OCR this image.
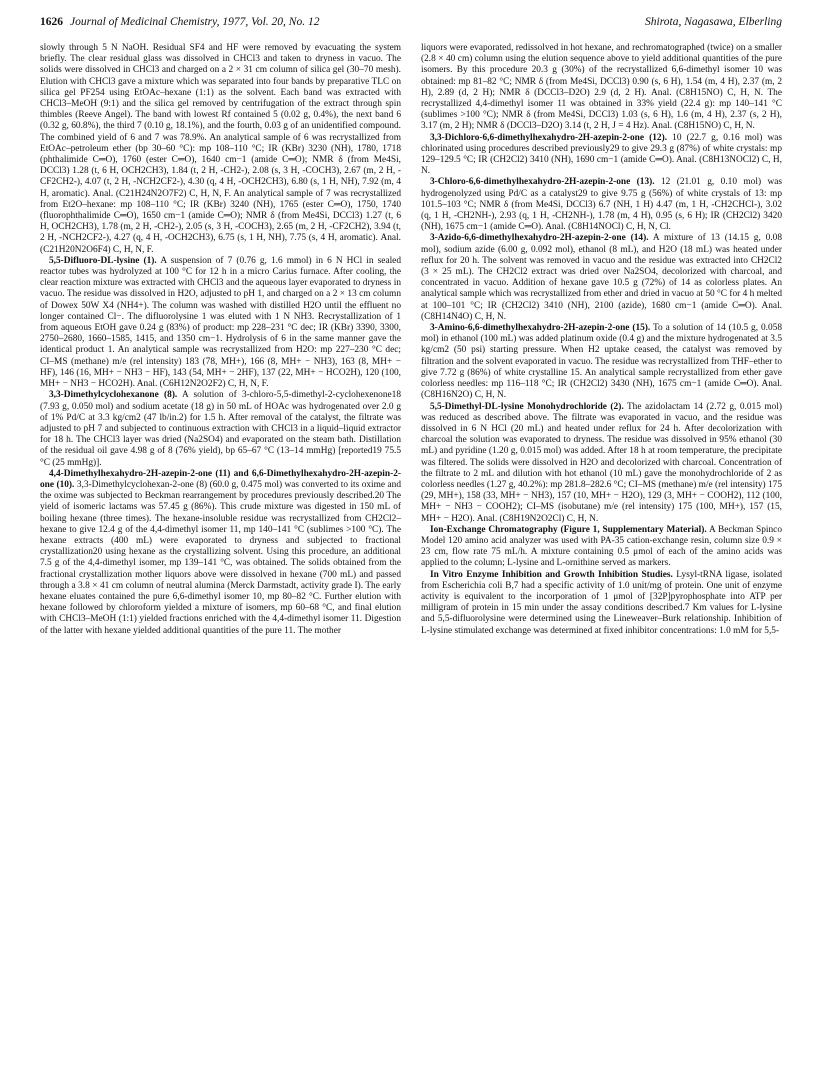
1626 Journal of Medicinal Chemistry, 1977, Vol. 20, No. 12	Shirota, Nagasawa, Elberling

slowly through 5 N NaOH. Residual SF4 and HF were removed by evacuating the system briefly. The clear residual glass was dissolved in CHCl3 and taken to dryness in vacuo. The solids were dissolved in CHCl3 and charged on a 2 × 31 cm column of silica gel (30–70 mesh). Elution with CHCl3 gave a mixture which was separated into four bands by preparative TLC on silica gel PF254 using EtOAc–hexane (1:1) as the solvent. Each band was extracted with CHCl3–MeOH (9:1) and the silica gel removed by centrifugation of the extract through spin thimbles (Reeve Angel). The band with lowest Rf contained 5 (0.02 g, 0.4%), the next band 6 (0.32 g, 60.8%), the third 7 (0.10 g, 18.1%), and the fourth, 0.03 g of an unidentified compound. The combined yield of 6 and 7 was 78.9%. An analytical sample of 6 was recrystallized from EtOAc–petroleum ether (bp 30–60 °C): mp 108–110 °C; IR (KBr) 3230 (NH), 1780, 1718 (phthalimide C═O), 1760 (ester C═O), 1640 cm−1 (amide C═O); NMR δ (from Me4Si, DCCl3) 1.28 (t, 6 H, OCH2CH3), 1.84 (t, 2 H, -CH2-), 2.08 (s, 3 H, -COCH3), 2.67 (m, 2 H, -CF2CH2-), 4.07 (t, 2 H, -NCH2CF2-), 4.30 (q, 4 H, -OCH2CH3), 6.80 (s, 1 H, NH), 7.92 (m, 4 H, aromatic). Anal. (C21H24N2O7F2) C, H, N, F. An analytical sample of 7 was recrystallized from Et2O–hexane: mp 108–110 °C; IR (KBr) 3240 (NH), 1765 (ester C═O), 1750, 1740 (fluorophthalimide C═O), 1650 cm−1 (amide C═O); NMR δ (from Me4Si, DCCl3) 1.27 (t, 6 H, OCH2CH3), 1.78 (m, 2 H, -CH2-), 2.05 (s, 3 H, -COCH3), 2.65 (m, 2 H, -CF2CH2), 3.94 (t, 2 H, -NCH2CF2-), 4.27 (q, 4 H, -OCH2CH3), 6.75 (s, 1 H, NH), 7.75 (s, 4 H, aromatic). Anal. (C21H20N2O6F4) C, H, N, F.

5,5-Difluoro-DL-lysine (1). A suspension of 7 (0.76 g, 1.6 mmol) in 6 N HCl in sealed reactor tubes was hydrolyzed at 100 °C for 12 h in a micro Carius furnace. After cooling, the clear reaction mixture was extracted with CHCl3 and the aqueous layer evaporated to dryness in vacuo. The residue was dissolved in H2O, adjusted to pH 1, and charged on a 2 × 13 cm column of Dowex 50W X4 (NH4+). The column was washed with distilled H2O until the effluent no longer contained Cl−. The difluorolysine 1 was eluted with 1 N NH3. Recrystallization of 1 from aqueous EtOH gave 0.24 g (83%) of product: mp 228–231 °C dec; IR (KBr) 3390, 3300, 2750–2680, 1660–1585, 1415, and 1350 cm−1. Hydrolysis of 6 in the same manner gave the identical product 1. An analytical sample was recrystallized from H2O: mp 227–230 °C dec; CI–MS (methane) m/e (rel intensity) 183 (78, MH+), 166 (8, MH+ − NH3), 163 (8, MH+ − HF), 146 (16, MH+ − NH3 − HF), 143 (54, MH+ − 2HF), 137 (22, MH+ − HCO2H), 120 (100, MH+ − NH3 − HCO2H). Anal. (C6H12N2O2F2) C, H, N, F.

3,3-Dimethylcyclohexanone (8). A solution of 3-chloro-5,5-dimethyl-2-cyclohexenone18 (7.93 g, 0.050 mol) and sodium acetate (18 g) in 50 mL of HOAc was hydrogenated over 2.0 g of 1% Pd/C at 3.3 kg/cm2 (47 lb/in.2) for 1.5 h. After removal of the catalyst, the filtrate was adjusted to pH 7 and subjected to continuous extraction with CHCl3 in a liquid–liquid extractor for 18 h. The CHCl3 layer was dried (Na2SO4) and evaporated on the steam bath. Distillation of the residual oil gave 4.98 g of 8 (76% yield), bp 65–67 °C (13–14 mmHg) [reported19 75.5 °C (25 mmHg)].

4,4-Dimethylhexahydro-2H-azepin-2-one (11) and 6,6-Dimethylhexahydro-2H-azepin-2-one (10). 3,3-Dimethylcyclohexan-2-one (8) (60.0 g, 0.475 mol) was converted to its oxime and the oxime was subjected to Beckman rearrangement by procedures previously described.20 The yield of isomeric lactams was 57.45 g (86%). This crude mixture was digested in 150 mL of boiling hexane (three times). The hexane-insoluble residue was recrystallized from CH2Cl2–hexane to give 12.4 g of the 4,4-dimethyl isomer 11, mp 140–141 °C (sublimes >100 °C). The hexane extracts (400 mL) were evaporated to dryness and subjected to fractional crystallization20 using hexane as the crystallizing solvent. Using this procedure, an additional 7.5 g of the 4,4-dimethyl isomer, mp 139–141 °C, was obtained. The solids obtained from the fractional crystallization mother liquors above were dissolved in hexane (700 mL) and passed through a 3.8 × 41 cm column of neutral alumina (Merck Darmstadt, activity grade I). The early hexane eluates contained the pure 6,6-dimethyl isomer 10, mp 80–82 °C. Further elution with hexane followed by chloroform yielded a mixture of isomers, mp 60–68 °C, and final elution with CHCl3–MeOH (1:1) yielded fractions enriched with the 4,4-dimethyl isomer 11. Digestion of the latter with hexane yielded additional quantities of the pure 11. The mother

liquors were evaporated, redissolved in hot hexane, and rechromatographed (twice) on a smaller (2.8 × 40 cm) column using the elution sequence above to yield additional quantities of the pure isomers. By this procedure 20.3 g (30%) of the recrystallized 6,6-dimethyl isomer 10 was obtained: mp 81–82 °C; NMR δ (from Me4Si, DCCl3) 0.90 (s, 6 H), 1.54 (m, 4 H), 2.37 (m, 2 H), 2.89 (d, 2 H); NMR δ (DCCl3–D2O) 2.9 (d, 2 H). Anal. (C8H15NO) C, H, N. The recrystallized 4,4-dimethyl isomer 11 was obtained in 33% yield (22.4 g): mp 140–141 °C (sublimes >100 °C); NMR δ (from Me4Si, DCCl3) 1.03 (s, 6 H), 1.6 (m, 4 H), 2.37 (s, 2 H), 3.17 (m, 2 H); NMR δ (DCCl3–D2O) 3.14 (t, 2 H, J = 4 Hz). Anal. (C8H15NO) C, H, N.

3,3-Dichloro-6,6-dimethylhexahydro-2H-azepin-2-one (12). 10 (22.7 g, 0.16 mol) was chlorinated using procedures described previously29 to give 29.3 g (87%) of white crystals: mp 129–129.5 °C; IR (CH2Cl2) 3410 (NH), 1690 cm−1 (amide C═O). Anal. (C8H13NOCl2) C, H, N.

3-Chloro-6,6-dimethylhexahydro-2H-azepin-2-one (13). 12 (21.01 g, 0.10 mol) was hydrogenolyzed using Pd/C as a catalyst29 to give 9.75 g (56%) of white crystals of 13: mp 101.5–103 °C; NMR δ (from Me4Si, DCCl3) 6.7 (NH, 1 H) 4.47 (m, 1 H, -CH2CHCl-), 3.02 (q, 1 H, -CH2NH-), 2.93 (q, 1 H, -CH2NH-), 1.78 (m, 4 H), 0.95 (s, 6 H); IR (CH2Cl2) 3420 (NH), 1675 cm−1 (amide C═O). Anal. (C8H14NOCl) C, H, N, Cl.

3-Azido-6,6-dimethylhexahydro-2H-azepin-2-one (14). A mixture of 13 (14.15 g, 0.08 mol), sodium azide (6.00 g, 0.092 mol), ethanol (8 mL), and H2O (18 mL) was heated under reflux for 20 h. The solvent was removed in vacuo and the residue was extracted into CH2Cl2 (3 × 25 mL). The CH2Cl2 extract was dried over Na2SO4, decolorized with charcoal, and concentrated in vacuo. Addition of hexane gave 10.5 g (72%) of 14 as colorless plates. An analytical sample which was recrystallized from ether and dried in vacuo at 50 °C for 4 h melted at 100–101 °C; IR (CH2Cl2) 3410 (NH), 2100 (azide), 1680 cm−1 (amide C═O). Anal. (C8H14N4O) C, H, N.

3-Amino-6,6-dimethylhexahydro-2H-azepin-2-one (15). To a solution of 14 (10.5 g, 0.058 mol) in ethanol (100 mL) was added platinum oxide (0.4 g) and the mixture hydrogenated at 3.5 kg/cm2 (50 psi) starting pressure. When H2 uptake ceased, the catalyst was removed by filtration and the solvent evaporated in vacuo. The residue was recrystallized from THF–ether to give 7.72 g (86%) of white crystalline 15. An analytical sample recrystallized from ether gave colorless needles: mp 116–118 °C; IR (CH2Cl2) 3430 (NH), 1675 cm−1 (amide C═O). Anal. (C8H16N2O) C, H, N.

5,5-Dimethyl-DL-lysine Monohydrochloride (2). The azidolactam 14 (2.72 g, 0.015 mol) was reduced as described above. The filtrate was evaporated in vacuo, and the residue was dissolved in 6 N HCl (20 mL) and heated under reflux for 24 h. After decolorization with charcoal the solution was evaporated to dryness. The residue was dissolved in 95% ethanol (30 mL) and pyridine (1.20 g, 0.015 mol) was added. After 18 h at room temperature, the precipitate was filtered. The solids were dissolved in H2O and decolorized with charcoal. Concentration of the filtrate to 2 mL and dilution with hot ethanol (10 mL) gave the monohydrochloride of 2 as colorless needles (1.27 g, 40.2%): mp 281.8–282.6 °C; CI–MS (methane) m/e (rel intensity) 175 (29, MH+), 158 (33, MH+ − NH3), 157 (10, MH+ − H2O), 129 (3, MH+ − COOH2), 112 (100, MH+ − NH3 − COOH2); CI–MS (isobutane) m/e (rel intensity) 175 (100, MH+), 157 (15, MH+ − H2O). Anal. (C8H19N2O2Cl) C, H, N.

Ion-Exchange Chromatography (Figure 1, Supplementary Material). A Beckman Spinco Model 120 amino acid analyzer was used with PA-35 cation-exchange resin, column size 0.9 × 23 cm, flow rate 75 mL/h. A mixture containing 0.5 μmol of each of the amino acids was applied to the column; L-lysine and L-ornithine served as markers.

In Vitro Enzyme Inhibition and Growth Inhibition Studies. Lysyl-tRNA ligase, isolated from Escherichia coli B,7 had a specific activity of 1.0 unit/mg of protein. One unit of enzyme activity is equivalent to the incorporation of 1 μmol of [32P]pyrophosphate into ATP per milligram of protein in 15 min under the assay conditions described.7 Km values for L-lysine and 5,5-difluorolysine were determined using the Lineweaver–Burk relationship. Inhibition of L-lysine stimulated exchange was determined at fixed inhibitor concentrations: 1.0 mM for 5,5-
